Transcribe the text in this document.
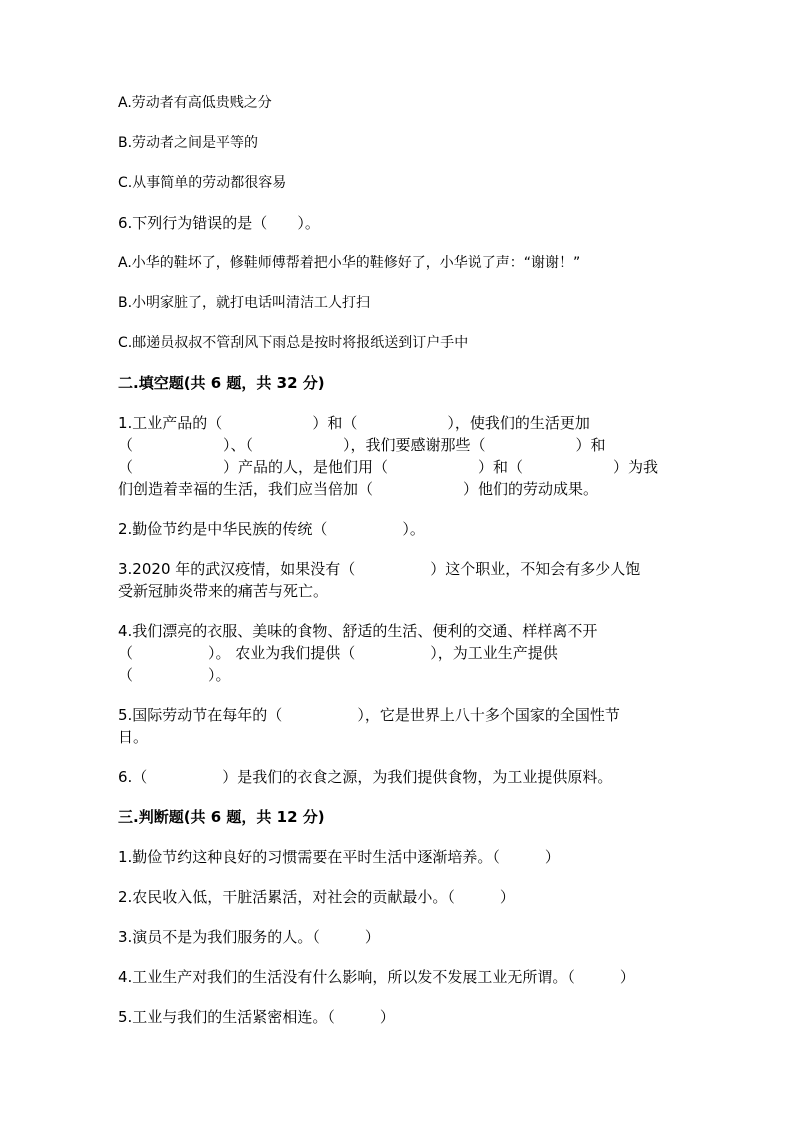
A.劳动者有高低贵贱之分
B.劳动者之间是平等的
C.从事简单的劳动都很容易
6.下列行为错误的是（　　）。
A.小华的鞋坏了，修鞋师傅帮着把小华的鞋修好了，小华说了声：“谢谢！”
B.小明家脏了，就打电话叫清洁工人打扫
C.邮递员叔叔不管刮风下雨总是按时将报纸送到订户手中
二.填空题(共 6 题，共 32 分)
1.工业产品的（　　　　　　）和（　　　　　　），使我们的生活更加
（　　　　　　）、（　　　　　　），我们要感谢那些（　　　　　　）和
（　　　　　　）产品的人，是他们用（　　　　　　）和（　　　　　　）为我
们创造着幸福的生活，我们应当倍加（　　　　　　）他们的劳动成果。
2.勤俭节约是中华民族的传统（　　　　　）。
3.2020 年的武汉疫情，如果没有（　　　　　）这个职业，不知会有多少人饱
受新冠肺炎带来的痛苦与死亡。
4.我们漂亮的衣服、美味的食物、舒适的生活、便利的交通、样样离不开
（　　　　　）。 农业为我们提供（　　　　　），为工业生产提供
（　　　　　）。
5.国际劳动节在每年的（　　　　　），它是世界上八十多个国家的全国性节
日。
6.（　　　　　）是我们的衣食之源，为我们提供食物，为工业提供原料。
三.判断题(共 6 题，共 12 分)
1.勤俭节约这种良好的习惯需要在平时生活中逐渐培养。（　　　）
2.农民收入低，干脏活累活，对社会的贡献最小。（　　　）
3.演员不是为我们服务的人。（　　　）
4.工业生产对我们的生活没有什么影响，所以发不发展工业无所谓。（　　　）
5.工业与我们的生活紧密相连。（　　　）
